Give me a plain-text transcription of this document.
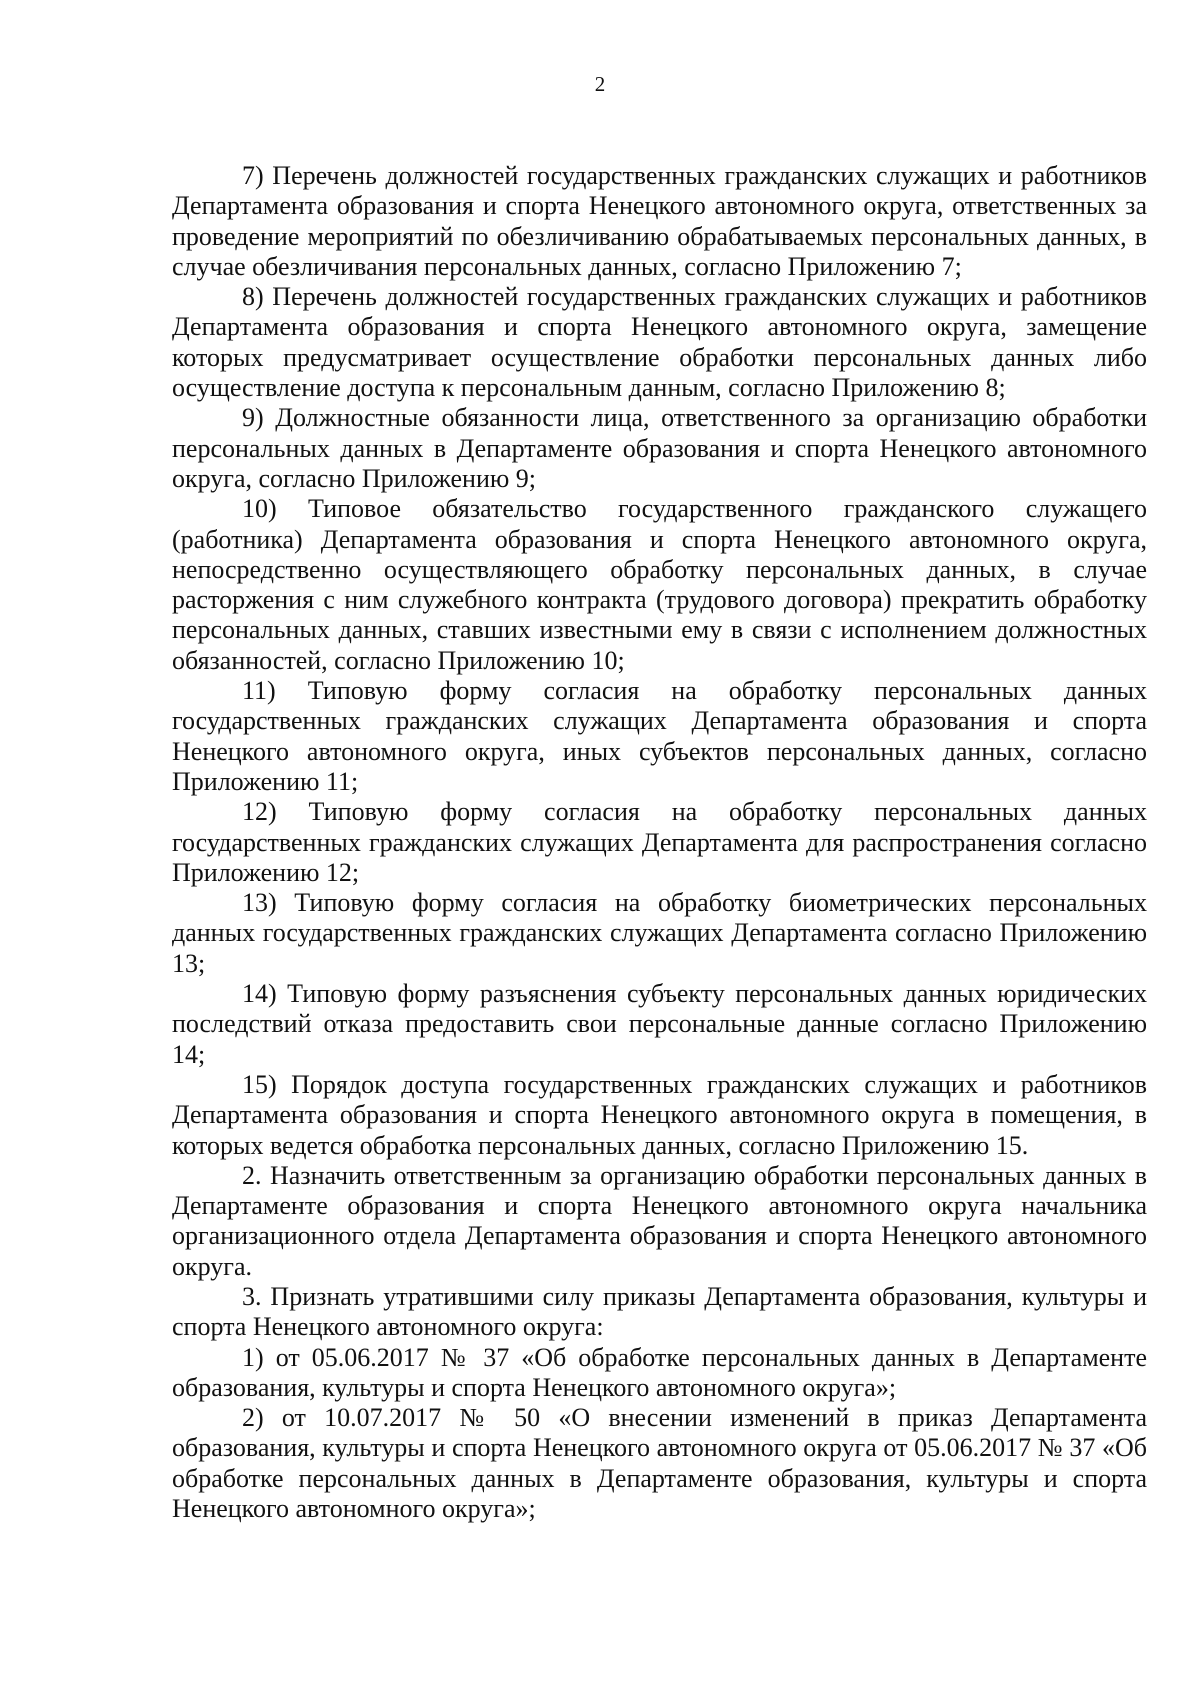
2

7) Перечень должностей государственных гражданских служащих и работников Департамента образования и спорта Ненецкого автономного округа, ответственных за проведение мероприятий по обезличиванию обрабатываемых персональных данных, в случае обезличивания персональных данных, согласно Приложению 7;

8) Перечень должностей государственных гражданских служащих и работников Департамента образования и спорта Ненецкого автономного округа, замещение которых предусматривает осуществление обработки персональных данных либо осуществление доступа к персональным данным, согласно Приложению 8;

9) Должностные обязанности лица, ответственного за организацию обработки персональных данных в Департаменте образования и спорта Ненецкого автономного округа, согласно Приложению 9;

10) Типовое обязательство государственного гражданского служащего (работника) Департамента образования и спорта Ненецкого автономного округа, непосредственно осуществляющего обработку персональных данных, в случае расторжения с ним служебного контракта (трудового договора) прекратить обработку персональных данных, ставших известными ему в связи с исполнением должностных обязанностей, согласно Приложению 10;

11) Типовую форму согласия на обработку персональных данных государственных гражданских служащих Департамента образования и спорта Ненецкого автономного округа, иных субъектов персональных данных, согласно Приложению 11;

12) Типовую форму согласия на обработку персональных данных государственных гражданских служащих Департамента для распространения согласно Приложению 12;

13) Типовую форму согласия на обработку биометрических персональных данных государственных гражданских служащих Департамента согласно Приложению 13;

14) Типовую форму разъяснения субъекту персональных данных юридических последствий отказа предоставить свои персональные данные согласно Приложению 14;

15) Порядок доступа государственных гражданских служащих и работников Департамента образования и спорта Ненецкого автономного округа в помещения, в которых ведется обработка персональных данных, согласно Приложению 15.

2. Назначить ответственным за организацию обработки персональных данных в Департаменте образования и спорта Ненецкого автономного округа начальника организационного отдела Департамента образования и спорта Ненецкого автономного округа.

3. Признать утратившими силу приказы Департамента образования, культуры и спорта Ненецкого автономного округа:

1) от 05.06.2017 № 37 «Об обработке персональных данных в Департаменте образования, культуры и спорта Ненецкого автономного округа»;

2) от 10.07.2017 № 50 «О внесении изменений в приказ Департамента образования, культуры и спорта Ненецкого автономного округа от 05.06.2017 № 37 «Об обработке персональных данных в Департаменте образования, культуры и спорта Ненецкого автономного округа»;
